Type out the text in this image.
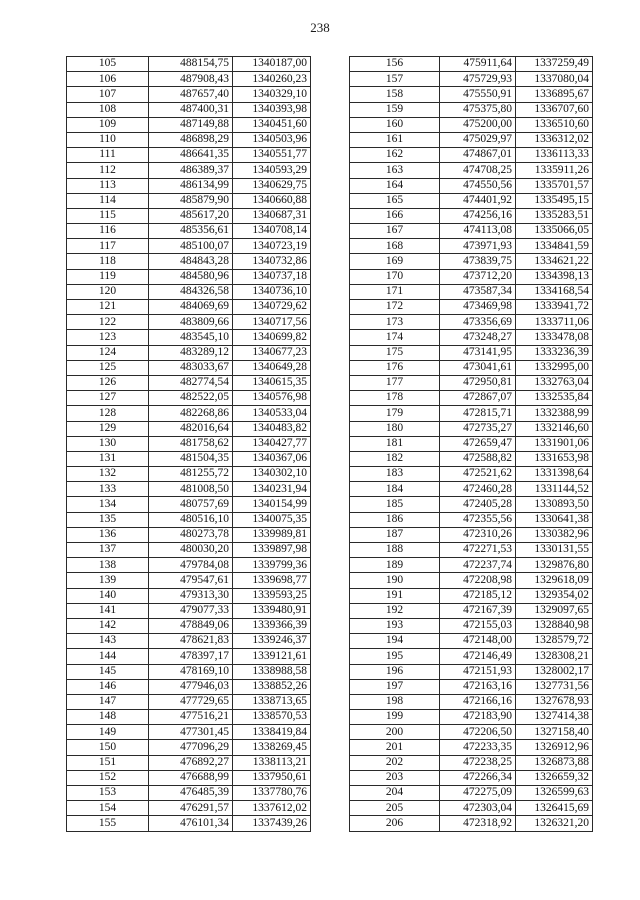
238
105	488154,75	1340187,00
106	487908,43	1340260,23
107	487657,40	1340329,10
108	487400,31	1340393,98
109	487149,88	1340451,60
110	486898,29	1340503,96
111	486641,35	1340551,77
112	486389,37	1340593,29
113	486134,99	1340629,75
114	485879,90	1340660,88
115	485617,20	1340687,31
116	485356,61	1340708,14
117	485100,07	1340723,19
118	484843,28	1340732,86
119	484580,96	1340737,18
120	484326,58	1340736,10
121	484069,69	1340729,62
122	483809,66	1340717,56
123	483545,10	1340699,82
124	483289,12	1340677,23
125	483033,67	1340649,28
126	482774,54	1340615,35
127	482522,05	1340576,98
128	482268,86	1340533,04
129	482016,64	1340483,82
130	481758,62	1340427,77
131	481504,35	1340367,06
132	481255,72	1340302,10
133	481008,50	1340231,94
134	480757,69	1340154,99
135	480516,10	1340075,35
136	480273,78	1339989,81
137	480030,20	1339897,98
138	479784,08	1339799,36
139	479547,61	1339698,77
140	479313,30	1339593,25
141	479077,33	1339480,91
142	478849,06	1339366,39
143	478621,83	1339246,37
144	478397,17	1339121,61
145	478169,10	1338988,58
146	477946,03	1338852,26
147	477729,65	1338713,65
148	477516,21	1338570,53
149	477301,45	1338419,84
150	477096,29	1338269,45
151	476892,27	1338113,21
152	476688,99	1337950,61
153	476485,39	1337780,76
154	476291,57	1337612,02
155	476101,34	1337439,26
156	475911,64	1337259,49
157	475729,93	1337080,04
158	475550,91	1336895,67
159	475375,80	1336707,60
160	475200,00	1336510,60
161	475029,97	1336312,02
162	474867,01	1336113,33
163	474708,25	1335911,26
164	474550,56	1335701,57
165	474401,92	1335495,15
166	474256,16	1335283,51
167	474113,08	1335066,05
168	473971,93	1334841,59
169	473839,75	1334621,22
170	473712,20	1334398,13
171	473587,34	1334168,54
172	473469,98	1333941,72
173	473356,69	1333711,06
174	473248,27	1333478,08
175	473141,95	1333236,39
176	473041,61	1332995,00
177	472950,81	1332763,04
178	472867,07	1332535,84
179	472815,71	1332388,99
180	472735,27	1332146,60
181	472659,47	1331901,06
182	472588,82	1331653,98
183	472521,62	1331398,64
184	472460,28	1331144,52
185	472405,28	1330893,50
186	472355,56	1330641,38
187	472310,26	1330382,96
188	472271,53	1330131,55
189	472237,74	1329876,80
190	472208,98	1329618,09
191	472185,12	1329354,02
192	472167,39	1329097,65
193	472155,03	1328840,98
194	472148,00	1328579,72
195	472146,49	1328308,21
196	472151,93	1328002,17
197	472163,16	1327731,56
198	472166,16	1327678,93
199	472183,90	1327414,38
200	472206,50	1327158,40
201	472233,35	1326912,96
202	472238,25	1326873,88
203	472266,34	1326659,32
204	472275,09	1326599,63
205	472303,04	1326415,69
206	472318,92	1326321,20
